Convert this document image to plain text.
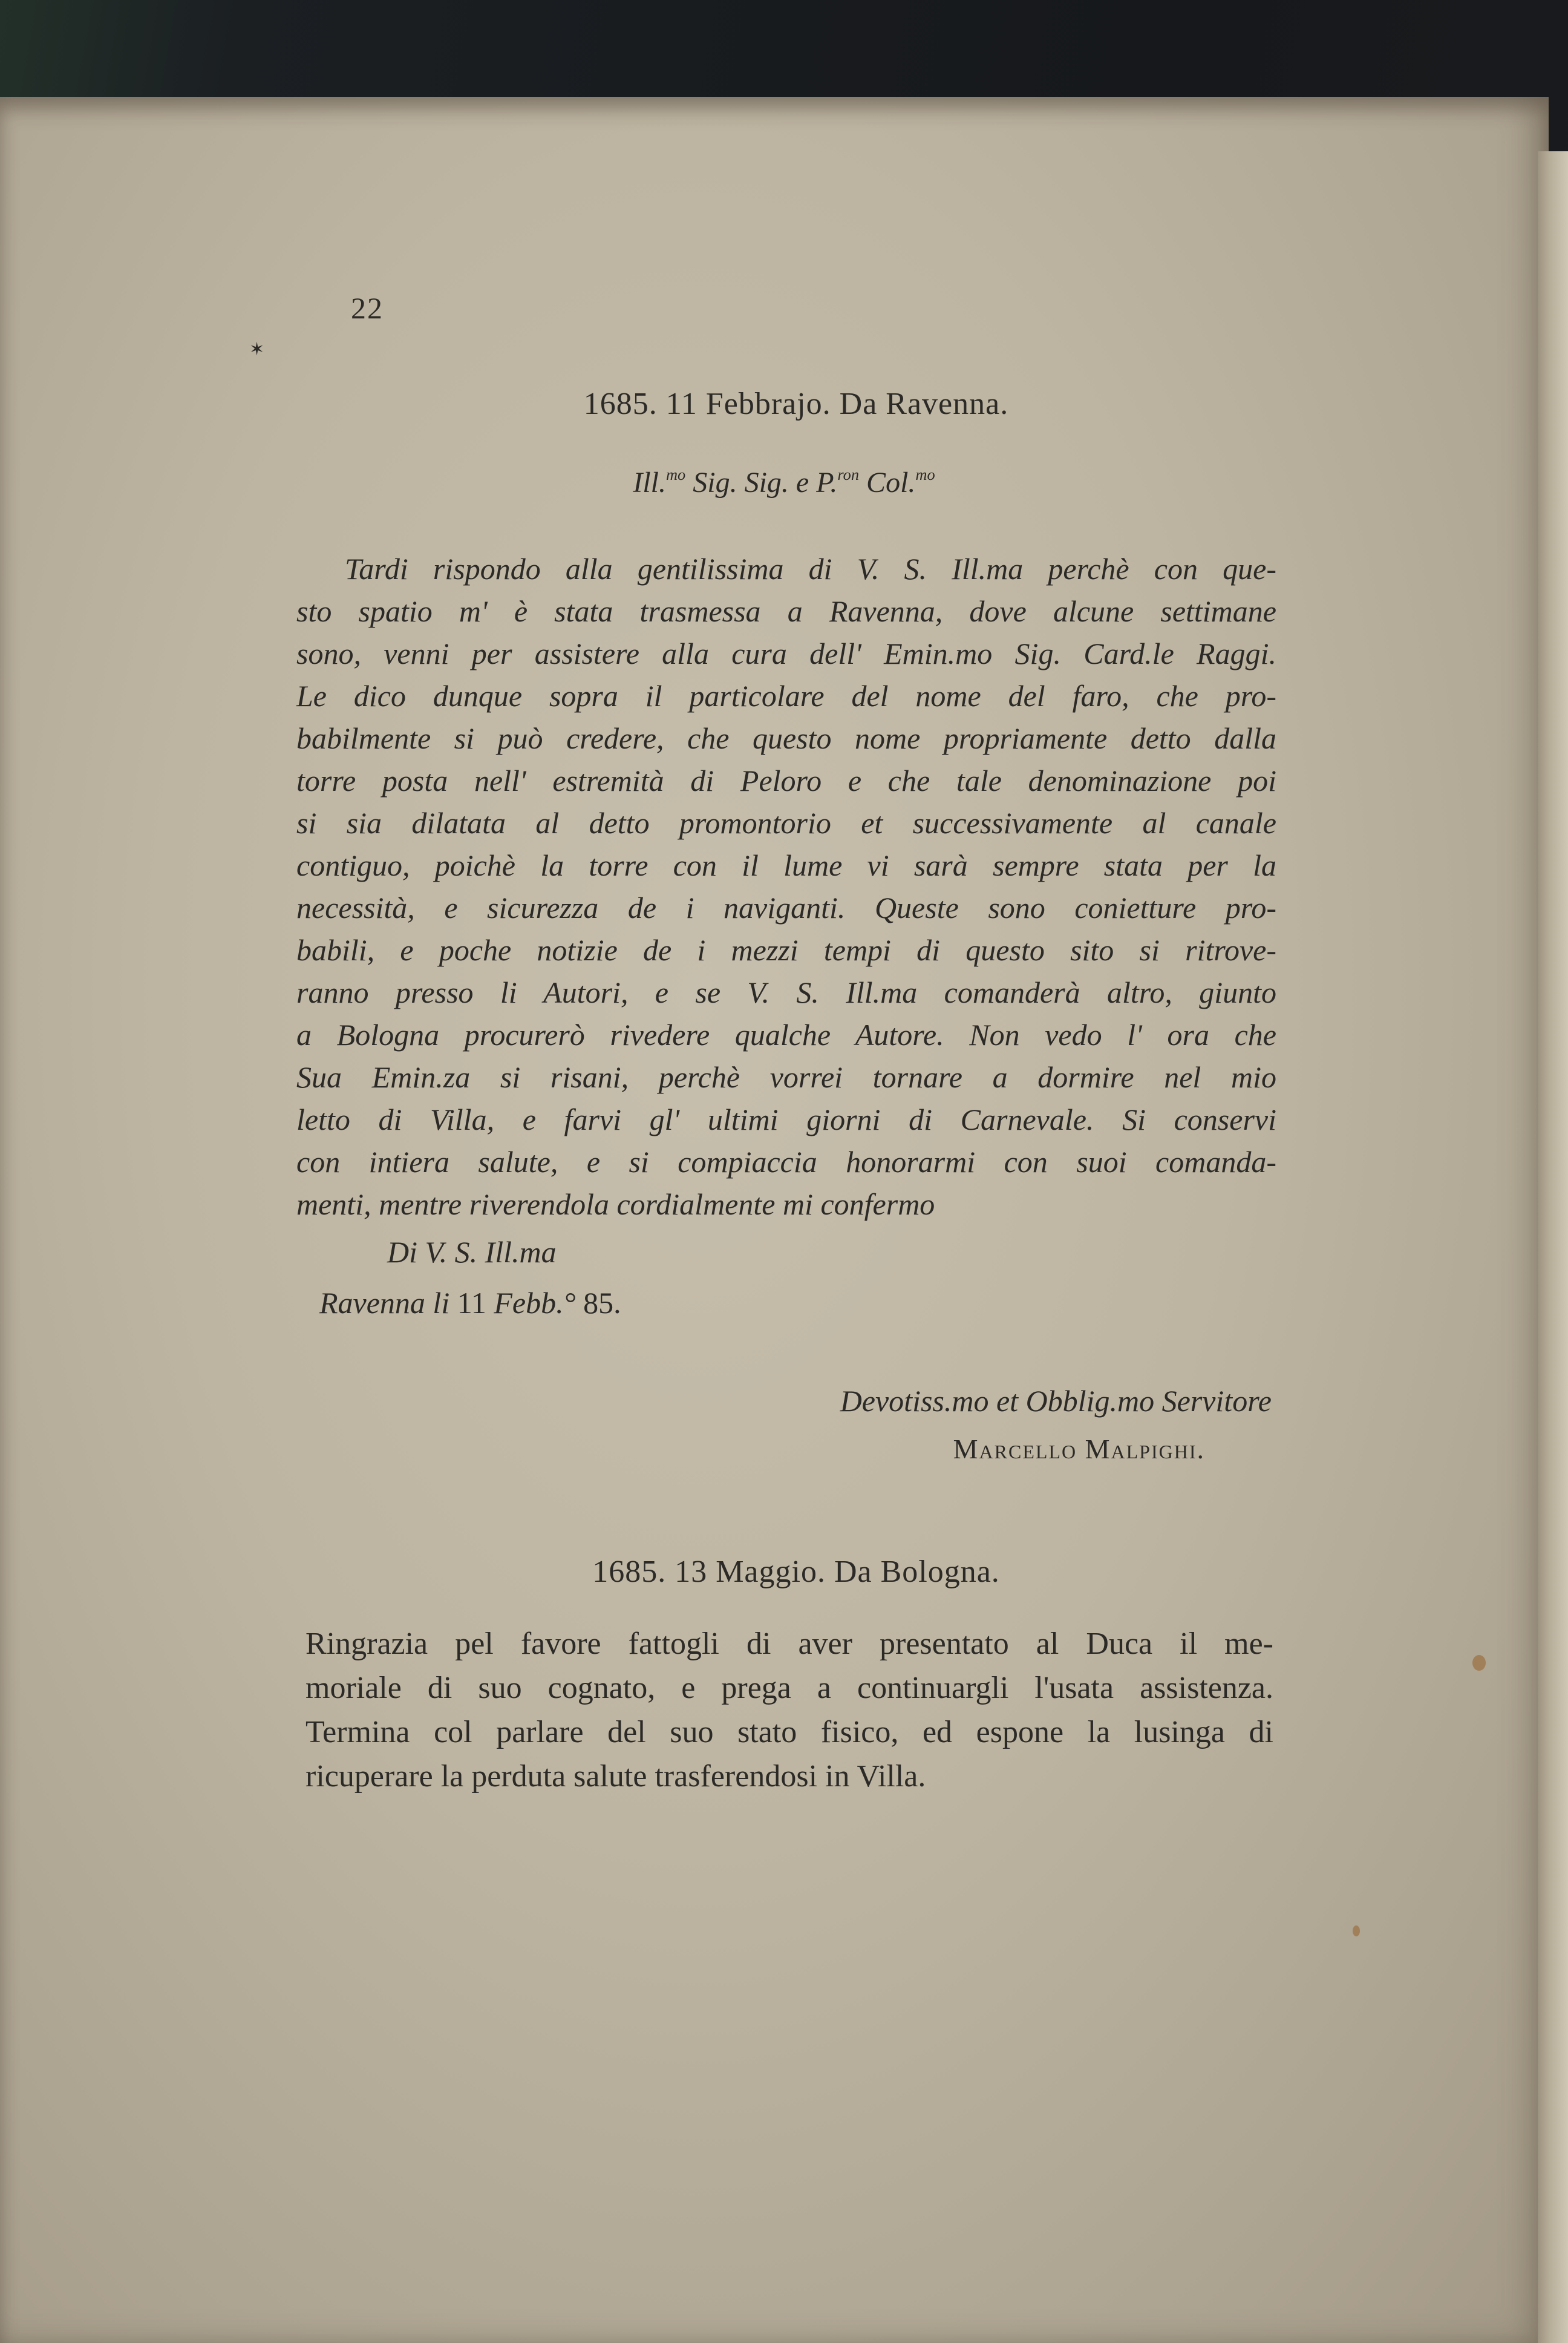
22
✶
1685. 11 Febbrajo. Da Ravenna.
Ill.$^{mo}$ Sig. Sig. e P.$^{ron}$ Col.$^{mo}$
Tardi rispondo alla gentilissima di V. S. Ill.ma perchè con que-
sto spatio m' è stata trasmessa a Ravenna, dove alcune settimane
sono, venni per assistere alla cura dell' Emin.mo Sig. Card.le Raggi.
Le dico dunque sopra il particolare del nome del faro, che pro-
babilmente si può credere, che questo nome propriamente detto dalla
torre posta nell' estremità di Peloro e che tale denominazione poi
si sia dilatata al detto promontorio et successivamente al canale
contiguo, poichè la torre con il lume vi sarà sempre stata per la
necessità, e sicurezza de i naviganti. Queste sono conietture pro-
babili, e poche notizie de i mezzi tempi di questo sito si ritrove-
ranno presso li Autori, e se V. S. Ill.ma comanderà altro, giunto
a Bologna procurerò rivedere qualche Autore. Non vedo l' ora che
Sua Emin.za si risani, perchè vorrei tornare a dormire nel mio
letto di Villa, e farvi gl' ultimi giorni di Carnevale. Si conservi
con intiera salute, e si compiaccia honorarmi con suoi comanda-
menti, mentre riverendola cordialmente mi confermo
Di V. S. Ill.ma
Ravenna li 11 Febb.° 85.
Devotiss.mo et Obblig.mo Servitore
Marcello Malpighi.
1685. 13 Maggio. Da Bologna.
Ringrazia pel favore fattogli di aver presentato al Duca il me-
moriale di suo cognato, e prega a continuargli l'usata assistenza.
Termina col parlare del suo stato fisico, ed espone la lusinga di
ricuperare la perduta salute trasferendosi in Villa.
